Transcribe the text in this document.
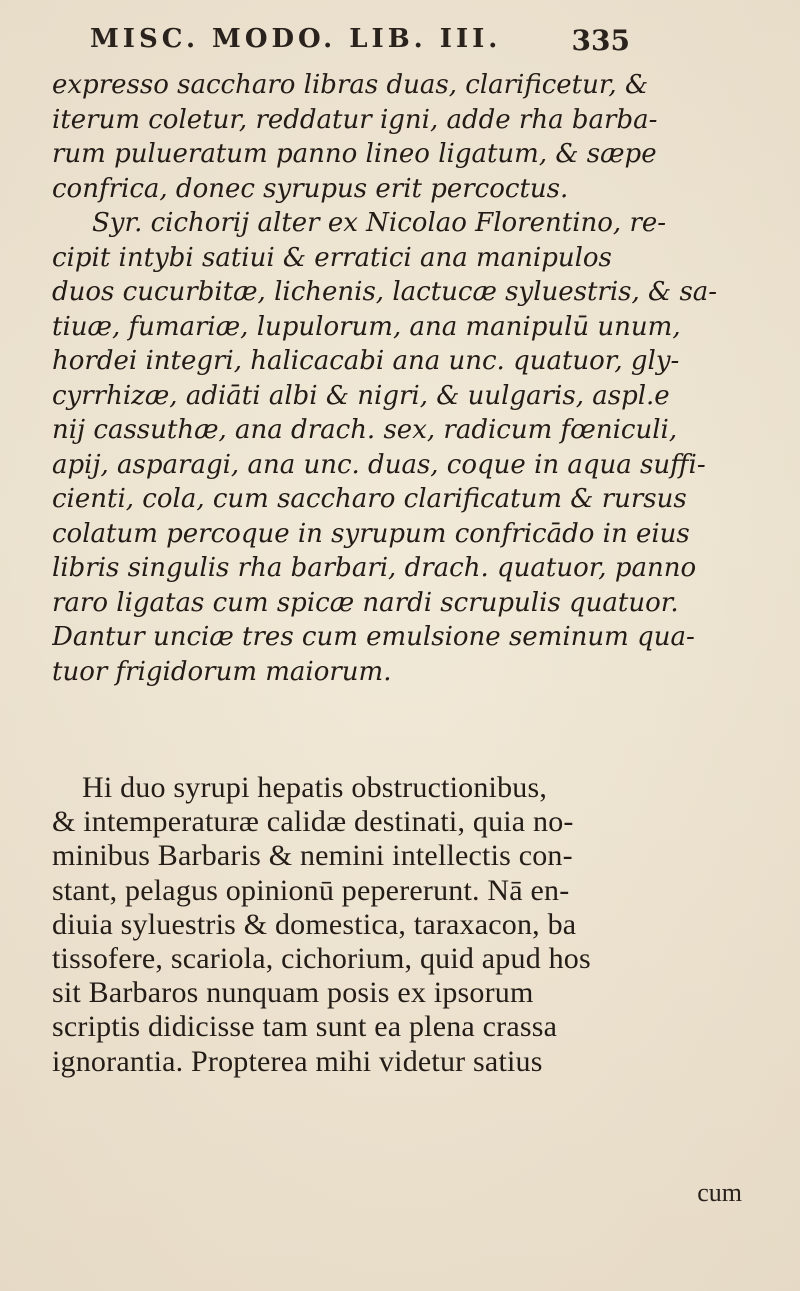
MISC. MODO. LIB. III.	335
expresso saccharo libras duas, clarificetur, &
iterum coletur, reddatur igni, adde rha barba-
rum pulueratum panno lineo ligatum, & sæpe
confrica, donec syrupus erit percoctus.
Syr. cichorij alter ex Nicolao Florentino, re-
cipit intybi satiui & erratici ana manipulos
duos cucurbitæ, lichenis, lactucæ syluestris, & sa-
tiuæ, fumariæ, lupulorum, ana manipulū unum,
hordei integri, halicacabi ana unc. quatuor, gly-
cyrrhizæ, adiāti albi & nigri, & uulgaris, aspl.e
nij cassuthæ, ana drach. sex, radicum fœniculi,
apij, asparagi, ana unc. duas, coque in aqua suffi-
cienti, cola, cum saccharo clarificatum & rursus
colatum percoque in syrupum confricādo in eius
libris singulis rha barbari, drach. quatuor, panno
raro ligatas cum spicæ nardi scrupulis quatuor.
Dantur unciæ tres cum emulsione seminum qua-
tuor frigidorum maiorum.
Hi duo syrupi hepatis obstructionibus,
& intemperaturæ calidæ destinati, quia no-
minibus Barbaris & nemini intellectis con-
stant, pelagus opinionū pepererunt. Nā en-
diuia syluestris & domestica, taraxacon, ba
tissofere, scariola, cichorium, quid apud hos
sit Barbaros nunquam posis ex ipsorum
scriptis didicisse tam sunt ea plena crassa
ignorantia. Propterea mihi videtur satius
cum
